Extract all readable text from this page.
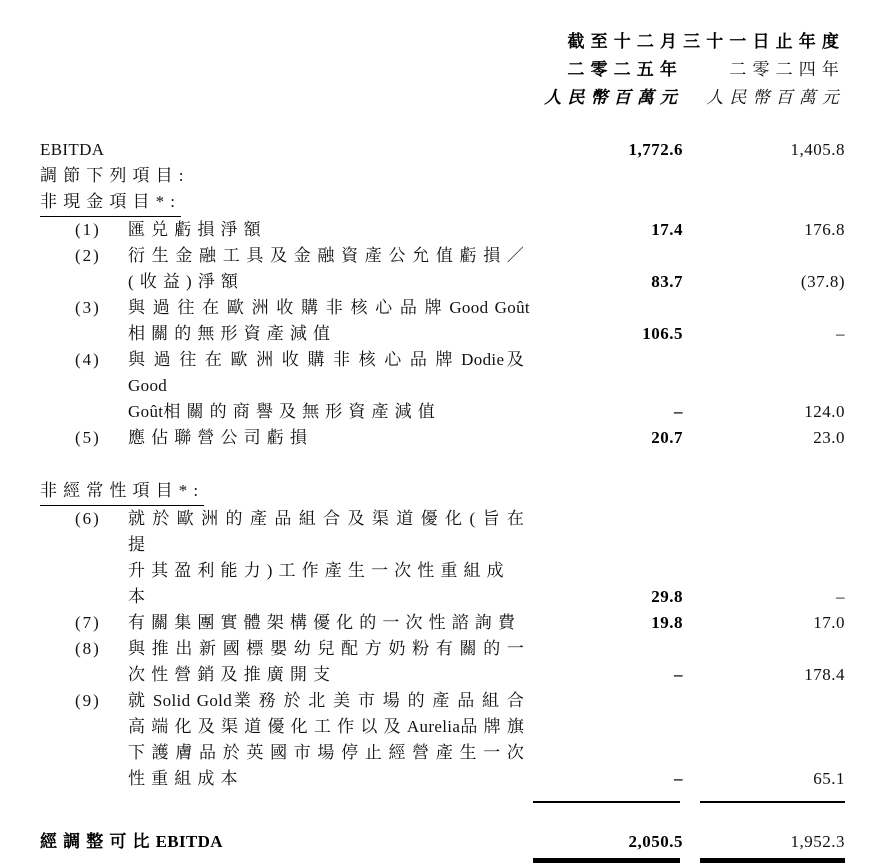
截至十二月三十一日止年度
二零二五年	二零二四年
人民幣百萬元	人民幣百萬元
EBITDA	1,772.6	1,405.8
調節下列項目:
非現金項目*:
(1)	匯兑虧損淨額	17.4	176.8
(2)	衍生金融工具及金融資產公允值虧損／
(收益)淨額	83.7	(37.8)
(3)	與過往在歐洲收購非核心品牌Good Goût
相關的無形資產減值	106.5	–
(4)	與過往在歐洲收購非核心品牌Dodie及Good
Goût相關的商譽及無形資產減值	–	124.0
(5)	應佔聯營公司虧損	20.7	23.0
非經常性項目*:
(6)	就於歐洲的產品組合及渠道優化(旨在提
升其盈利能力)工作產生一次性重組成本	29.8	–
(7)	有關集團實體架構優化的一次性諮詢費	19.8	17.0
(8)	與推出新國標嬰幼兒配方奶粉有關的一
次性營銷及推廣開支	–	178.4
(9)	就Solid Gold業務於北美市場的產品組合
高端化及渠道優化工作以及Aurelia品牌旗
下護膚品於英國市場停止經營產生一次
性重組成本	–	65.1
經調整可比EBITDA	2,050.5	1,952.3
